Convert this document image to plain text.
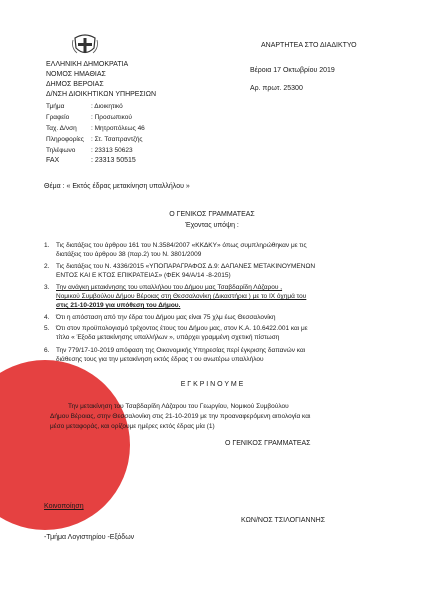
ΕΛΛΗΝΙΚΗ ΔΗΜΟΚΡΑΤΙΑ
ΝΟΜΟΣ ΗΜΑΘΙΑΣ
ΔΗΜΟΣ ΒΕΡΟΙΑΣ
Δ/ΝΣΗ ΔΙΟΙΚΗΤΙΚΩΝ ΥΠΗΡΕΣΙΩΝ
Τμήμα	: Διοικητικό
Γραφείο	: Προσωπικού
Ταχ. Δ/νση : Μητροπόλεως 46
Πληροφορίες : Στ. Τσαπραντζής
Τηλέφωνο : 23313 50623
FAX	: 23313 50515
ΑΝΑΡΤΗΤΕΑ ΣΤΟ ΔΙΑΔΙΚΤΥΟ
Βέροια 17 Οκτωβρίου 2019
Αρ. πρωτ. 25300
Θέμα : « Εκτός έδρας μετακίνηση υπαλλήλου »
Ο ΓΕΝΙΚΟΣ ΓΡΑΜΜΑΤΕΑΣ
Έχοντας υπόψη :
1. Τις διατάξεις του άρθρου 161 του Ν.3584/2007 «ΚΚΔΚΥ» όπως συμπληρώθηκαν με τις
διατάξεις του άρθρου 38 (παρ.2) του Ν. 3801/2009
2. Τις διατάξεις του Ν. 4336/2015 «ΥΠΟΠΑΡΑΓΡΑΦΟΣ Δ.9: ΔΑΠΑΝΕΣ ΜΕΤΑΚΙΝΟΥΜΕΝΩΝ
ΕΝΤΟΣ ΚΑΙ Ε ΚΤΟΣ ΕΠΙΚΡΑΤΕΙΑΣ» (ΦΕΚ 94/Α/14 -8-2015)
3. Την ανάγκη μετακίνησης του υπαλλήλου του Δήμου μας Τσαβδαρίδη Λάζαρου ,
Νομικού Συμβούλου Δήμου Βέροιας στη Θεσσαλονίκη (Δικαστήρια ) με το ΙΧ όχημά του
στις 21-10-2019 για υπόθεση του Δήμου.
4. Ότι η απόσταση από την έδρα του Δήμου μας είναι 75 χλμ έως Θεσσαλονίκη
5. Ότι στον προϋπολογισμό τρέχοντος έτους του Δήμου μας, στον Κ.Α. 10.6422.001 και με
τίτλο « Έξοδα μετακίνησης υπαλλήλων », υπάρχει γραμμένη σχετική πίστωση
6. Την 779/17-10-2019 απόφαση της Οικονομικής Υπηρεσίας περί έγκρισης δαπανών και
διάθεσης τους για την μετακίνηση εκτός έδρας τ ου ανωτέρω υπαλλήλου
Ε Γ Κ Ρ Ι Ν Ο Υ Μ Ε
Την μετακίνηση του Τσαβδαρίδη Λάζαρου του Γεωργίου, Νομικού Συμβούλου
Δήμου Βέροιας, στην Θεσσαλονίκη στις 21-10-2019 με την προαναφερόμενη αιτιολογία και
μέσο μεταφοράς, και ορίζουμε ημέρες εκτός έδρας μία (1)
Ο ΓΕΝΙΚΟΣ ΓΡΑΜΜΑΤΕΑΣ
ΚΩΝ/ΝΟΣ ΤΣΙΛΟΓΙΑΝΝΗΣ
Κοινοποίηση
-Τμήμα Λογιστηρίου -Εξόδων
